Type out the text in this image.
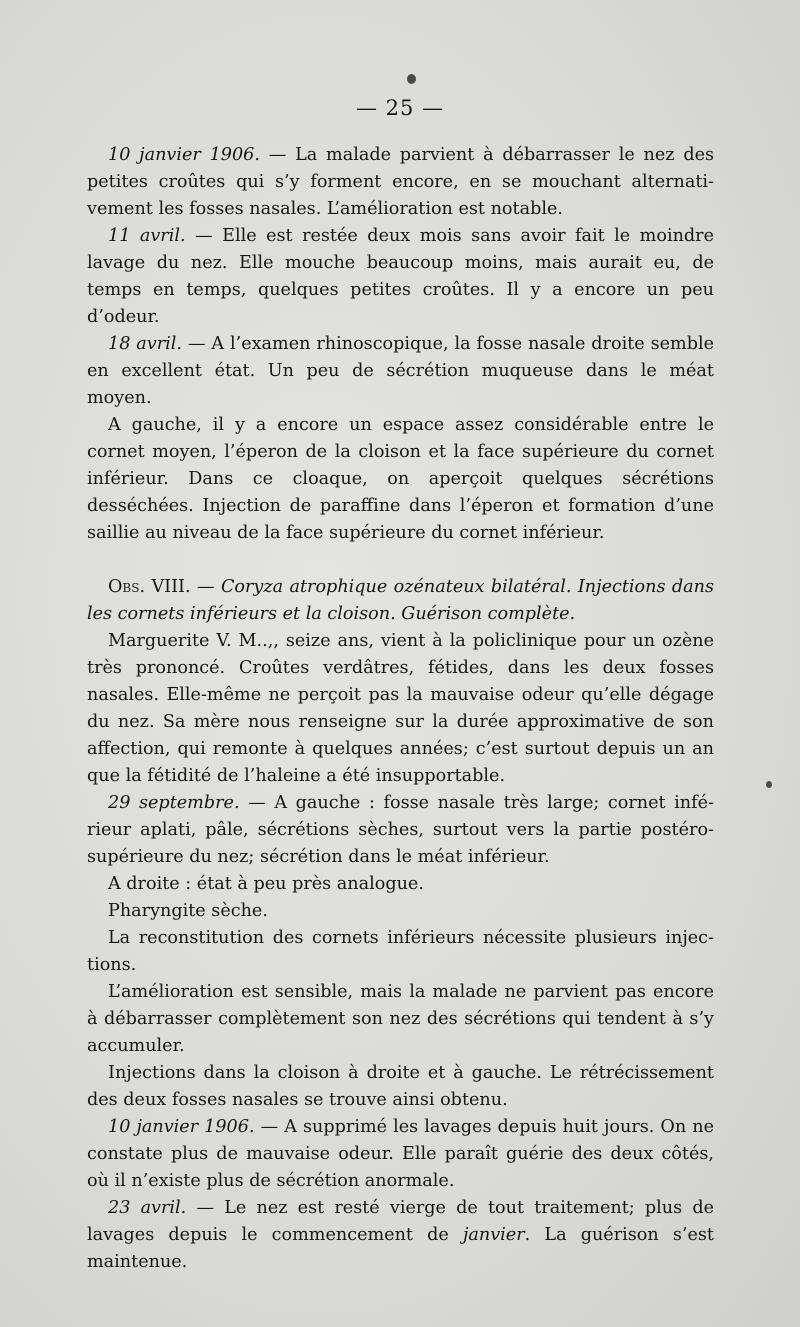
— 25 —

10 janvier 1906. — La malade parvient à débarrasser le nez des petites croûtes qui s’y forment encore, en se mouchant alternativement les fosses nasales. L’amélioration est notable.

11 avril. — Elle est restée deux mois sans avoir fait le moindre lavage du nez. Elle mouche beaucoup moins, mais aurait eu, de temps en temps, quelques petites croûtes. Il y a encore un peu d’odeur.

18 avril. — A l’examen rhinoscopique, la fosse nasale droite semble en excellent état. Un peu de sécrétion muqueuse dans le méat moyen.

A gauche, il y a encore un espace assez considérable entre le cornet moyen, l’éperon de la cloison et la face supérieure du cornet inférieur. Dans ce cloaque, on aperçoit quelques sécrétions desséchées. Injection de paraffine dans l’éperon et formation d’une saillie au niveau de la face supérieure du cornet inférieur.

Obs. VIII. — Coryza atrophique ozénateux bilatéral. Injections dans les cornets inférieurs et la cloison. Guérison complète.

Marguerite V. M..,, seize ans, vient à la policlinique pour un ozène très prononcé. Croûtes verdâtres, fétides, dans les deux fosses nasales. Elle-même ne perçoit pas la mauvaise odeur qu’elle dégage du nez. Sa mère nous renseigne sur la durée approximative de son affection, qui remonte à quelques années; c’est surtout depuis un an que la fétidité de l’haleine a été insupportable.

29 septembre. — A gauche : fosse nasale très large; cornet inférieur aplati, pâle, sécrétions sèches, surtout vers la partie postéro-supérieure du nez; sécrétion dans le méat inférieur.

A droite : état à peu près analogue.

Pharyngite sèche.

La reconstitution des cornets inférieurs nécessite plusieurs injections.

L’amélioration est sensible, mais la malade ne parvient pas encore à débarrasser complètement son nez des sécrétions qui tendent à s’y accumuler.

Injections dans la cloison à droite et à gauche. Le rétrécissement des deux fosses nasales se trouve ainsi obtenu.

10 janvier 1906. — A supprimé les lavages depuis huit jours. On ne constate plus de mauvaise odeur. Elle paraît guérie des deux côtés, où il n’existe plus de sécrétion anormale.

23 avril. — Le nez est resté vierge de tout traitement; plus de lavages depuis le commencement de janvier. La guérison s’est maintenue.
